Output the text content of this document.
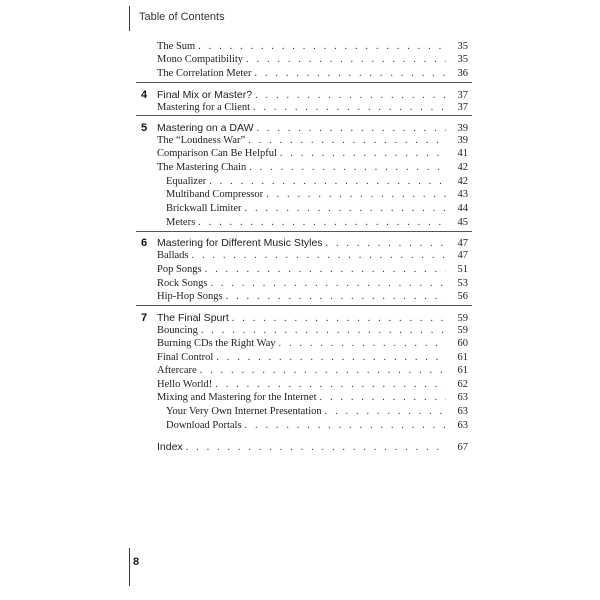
Table of Contents
The Sum . . .	35
Mono Compatibility . . .	35
The Correlation Meter . . .	36
4 Final Mix or Master? . . .	37
Mastering for a Client . . .	37
5 Mastering on a DAW . . .	39
The “Loudness War” . . .	39
Comparison Can Be Helpful . . .	41
The Mastering Chain . . .	42
Equalizer . . .	42
Multiband Compressor . . .	43
Brickwall Limiter . . .	44
Meters . . .	45
6 Mastering for Different Music Styles . . .	47
Ballads . . .	47
Pop Songs . . .	51
Rock Songs . . .	53
Hip-Hop Songs . . .	56
7 The Final Spurt . . .	59
Bouncing . . .	59
Burning CDs the Right Way . . .	60
Final Control . . .	61
Aftercare . . .	61
Hello World! . . .	62
Mixing and Mastering for the Internet . . .	63
Your Very Own Internet Presentation . . .	63
Download Portals . . .	63
Index . . .	67
8
